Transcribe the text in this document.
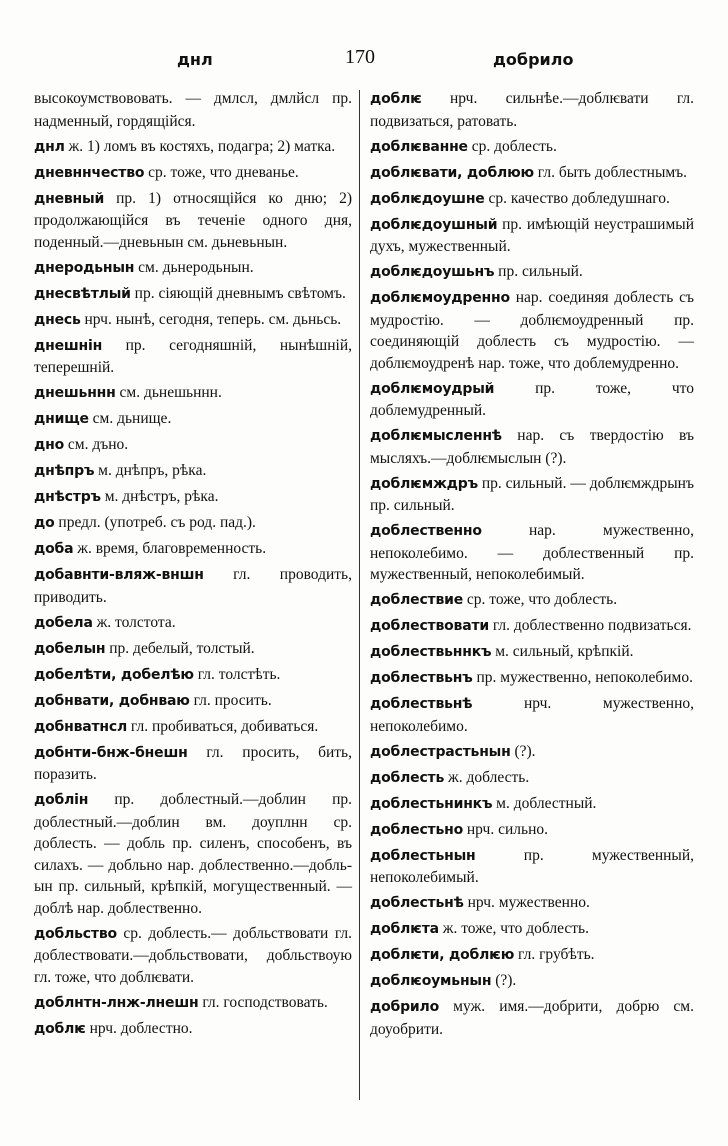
днл	170	добрило
высокоумствововать. — дмлсл, дмлйсл пр. надменный, гордящійся.
днл ж. 1) ломъ въ костяхъ, подагра; 2) матка.
дневннчество ср. тоже, что дневанье.
дневный пр. 1) относящійся ко дню; 2) продолжающійся въ теченіе одного дня, поденный.—дневьнын см. дьневьнын.
днеродьнын см. дьнеродьнын.
днесвѣтлый пр. сіяющій дневнымъ свѣтомъ.
днесь нрч. нынѣ, сегодня, теперь. см. дьньсь.
днешнін пр. сегодняшній, нынѣшній, теперешній.
днешьннн см. дьнешьннн.
днище см. дьнище.
дно см. дъно.
днѣпръ м. днѣпръ, рѣка.
днѣстръ м. днѣстръ, рѣка.
до предл. (употреб. съ род. пад.).
доба ж. время, благовременность.
добавнти-вляж-вншн гл. проводить, приводить.
добела ж. толстота.
добелын пр. дебелый, толстый.
добелѣти, добелѣю гл. толстѣть.
добнвати, добнваю гл. просить.
добнватнсл гл. пробиваться, добиваться.
добнти-бнж-бнешн гл. просить, бить, поразить.
доблін пр. доблестный.—доблин пр. доблестный.—доблин вм. доуплнн ср. доблесть. — добль пр. силенъ, способенъ, въ силахъ. — добльно нар. доблественно.—добль-ын пр. сильный, крѣпкій, могущественный. — доблѣ нар. доблественно.
добльство ср. доблесть.— добльствовати гл. доблествовати.—добльствовати, добльствоую гл. тоже, что доблѥвати.
доблнтн-лнж-лнешн гл. господствовать.
доблѥ нрч. доблестно.
доблѥ нрч. сильнѣе.—доблѥвати гл. подвизаться, ратовать.
доблѥванне ср. доблесть.
доблѥвати, доблюю гл. быть доблестнымъ.
доблѥдоушне ср. качество добледушнаго.
доблѥдоушный пр. имѣющій неустрашимый духъ, мужественный.
доблѥдоушьнъ пр. сильный.
доблѥмоудренно нар. соединяя доблесть съ мудростію. — доблѥмоудренный пр. соединяющій доблесть съ мудростію. — доблѥмоудренѣ нар. тоже, что доблемудренно.
доблѥмоудрый пр. тоже, что доблемудренный.
доблѥмысленнѣ нар. съ твердостію въ мысляхъ.—доблѥмыслын (?).
доблѥмждръ пр. сильный. — доблѥмждрынъ пр. сильный.
доблественно нар. мужественно, непоколебимо. — доблественный пр. мужественный, непоколебимый.
доблествие ср. тоже, что доблесть.
доблествовати гл. доблественно подвизаться.
доблествьннкъ м. сильный, крѣпкій.
доблествьнъ пр. мужественно, непоколебимо.
доблествьнѣ нрч. мужественно, непоколебимо.
доблестрастьнын (?).
доблесть ж. доблесть.
доблестьнинкъ м. доблестный.
доблестьно нрч. сильно.
доблестьнын пр. мужественный, непоколебимый.
доблестьнѣ нрч. мужественно.
доблѥта ж. тоже, что доблесть.
доблѥти, доблѥю гл. грубѣть.
доблѥоумьнын (?).
добрило муж. имя.—добрити, добрю см. доуобрити.
